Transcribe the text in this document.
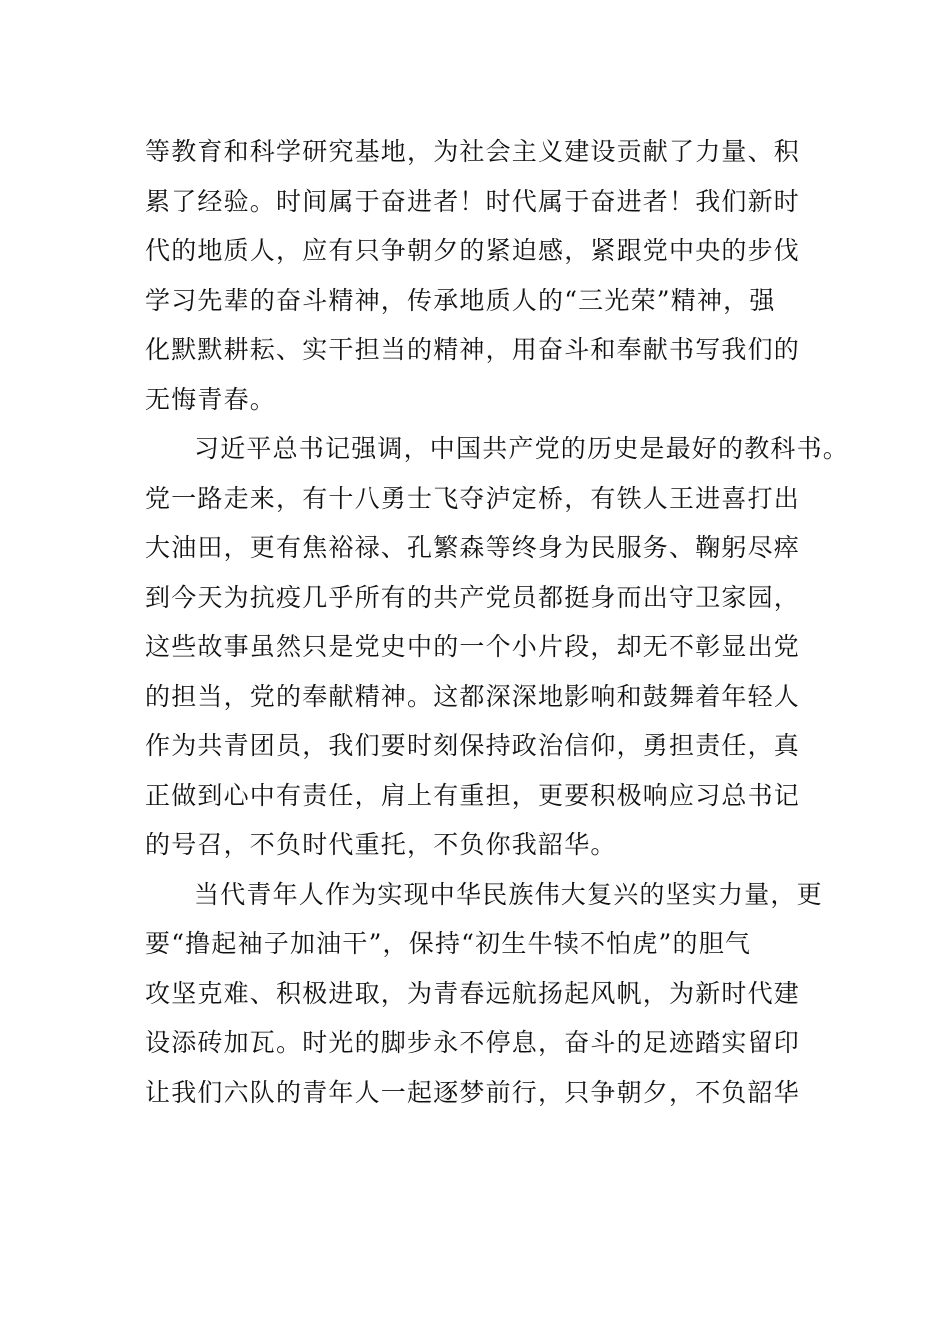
等教育和科学研究基地，为社会主义建设贡献了力量、积
累了经验。时间属于奋进者！时代属于奋进者！我们新时
代的地质人，应有只争朝夕的紧迫感，紧跟党中央的步伐
学习先辈的奋斗精神，传承地质人的“三光荣”精神，强
化默默耕耘、实干担当的精神，用奋斗和奉献书写我们的
无悔青春。
习近平总书记强调，中国共产党的历史是最好的教科书。
党一路走来，有十八勇士飞夺泸定桥，有铁人王进喜打出
大油田，更有焦裕禄、孔繁森等终身为民服务、鞠躬尽瘁
到今天为抗疫几乎所有的共产党员都挺身而出守卫家园，
这些故事虽然只是党史中的一个小片段，却无不彰显出党
的担当，党的奉献精神。这都深深地影响和鼓舞着年轻人
作为共青团员，我们要时刻保持政治信仰，勇担责任，真
正做到心中有责任，肩上有重担，更要积极响应习总书记
的号召，不负时代重托，不负你我韶华。
当代青年人作为实现中华民族伟大复兴的坚实力量，更
要“撸起袖子加油干”，保持“初生牛犊不怕虎”的胆气
攻坚克难、积极进取，为青春远航扬起风帆，为新时代建
设添砖加瓦。时光的脚步永不停息，奋斗的足迹踏实留印
让我们六队的青年人一起逐梦前行，只争朝夕，不负韶华
